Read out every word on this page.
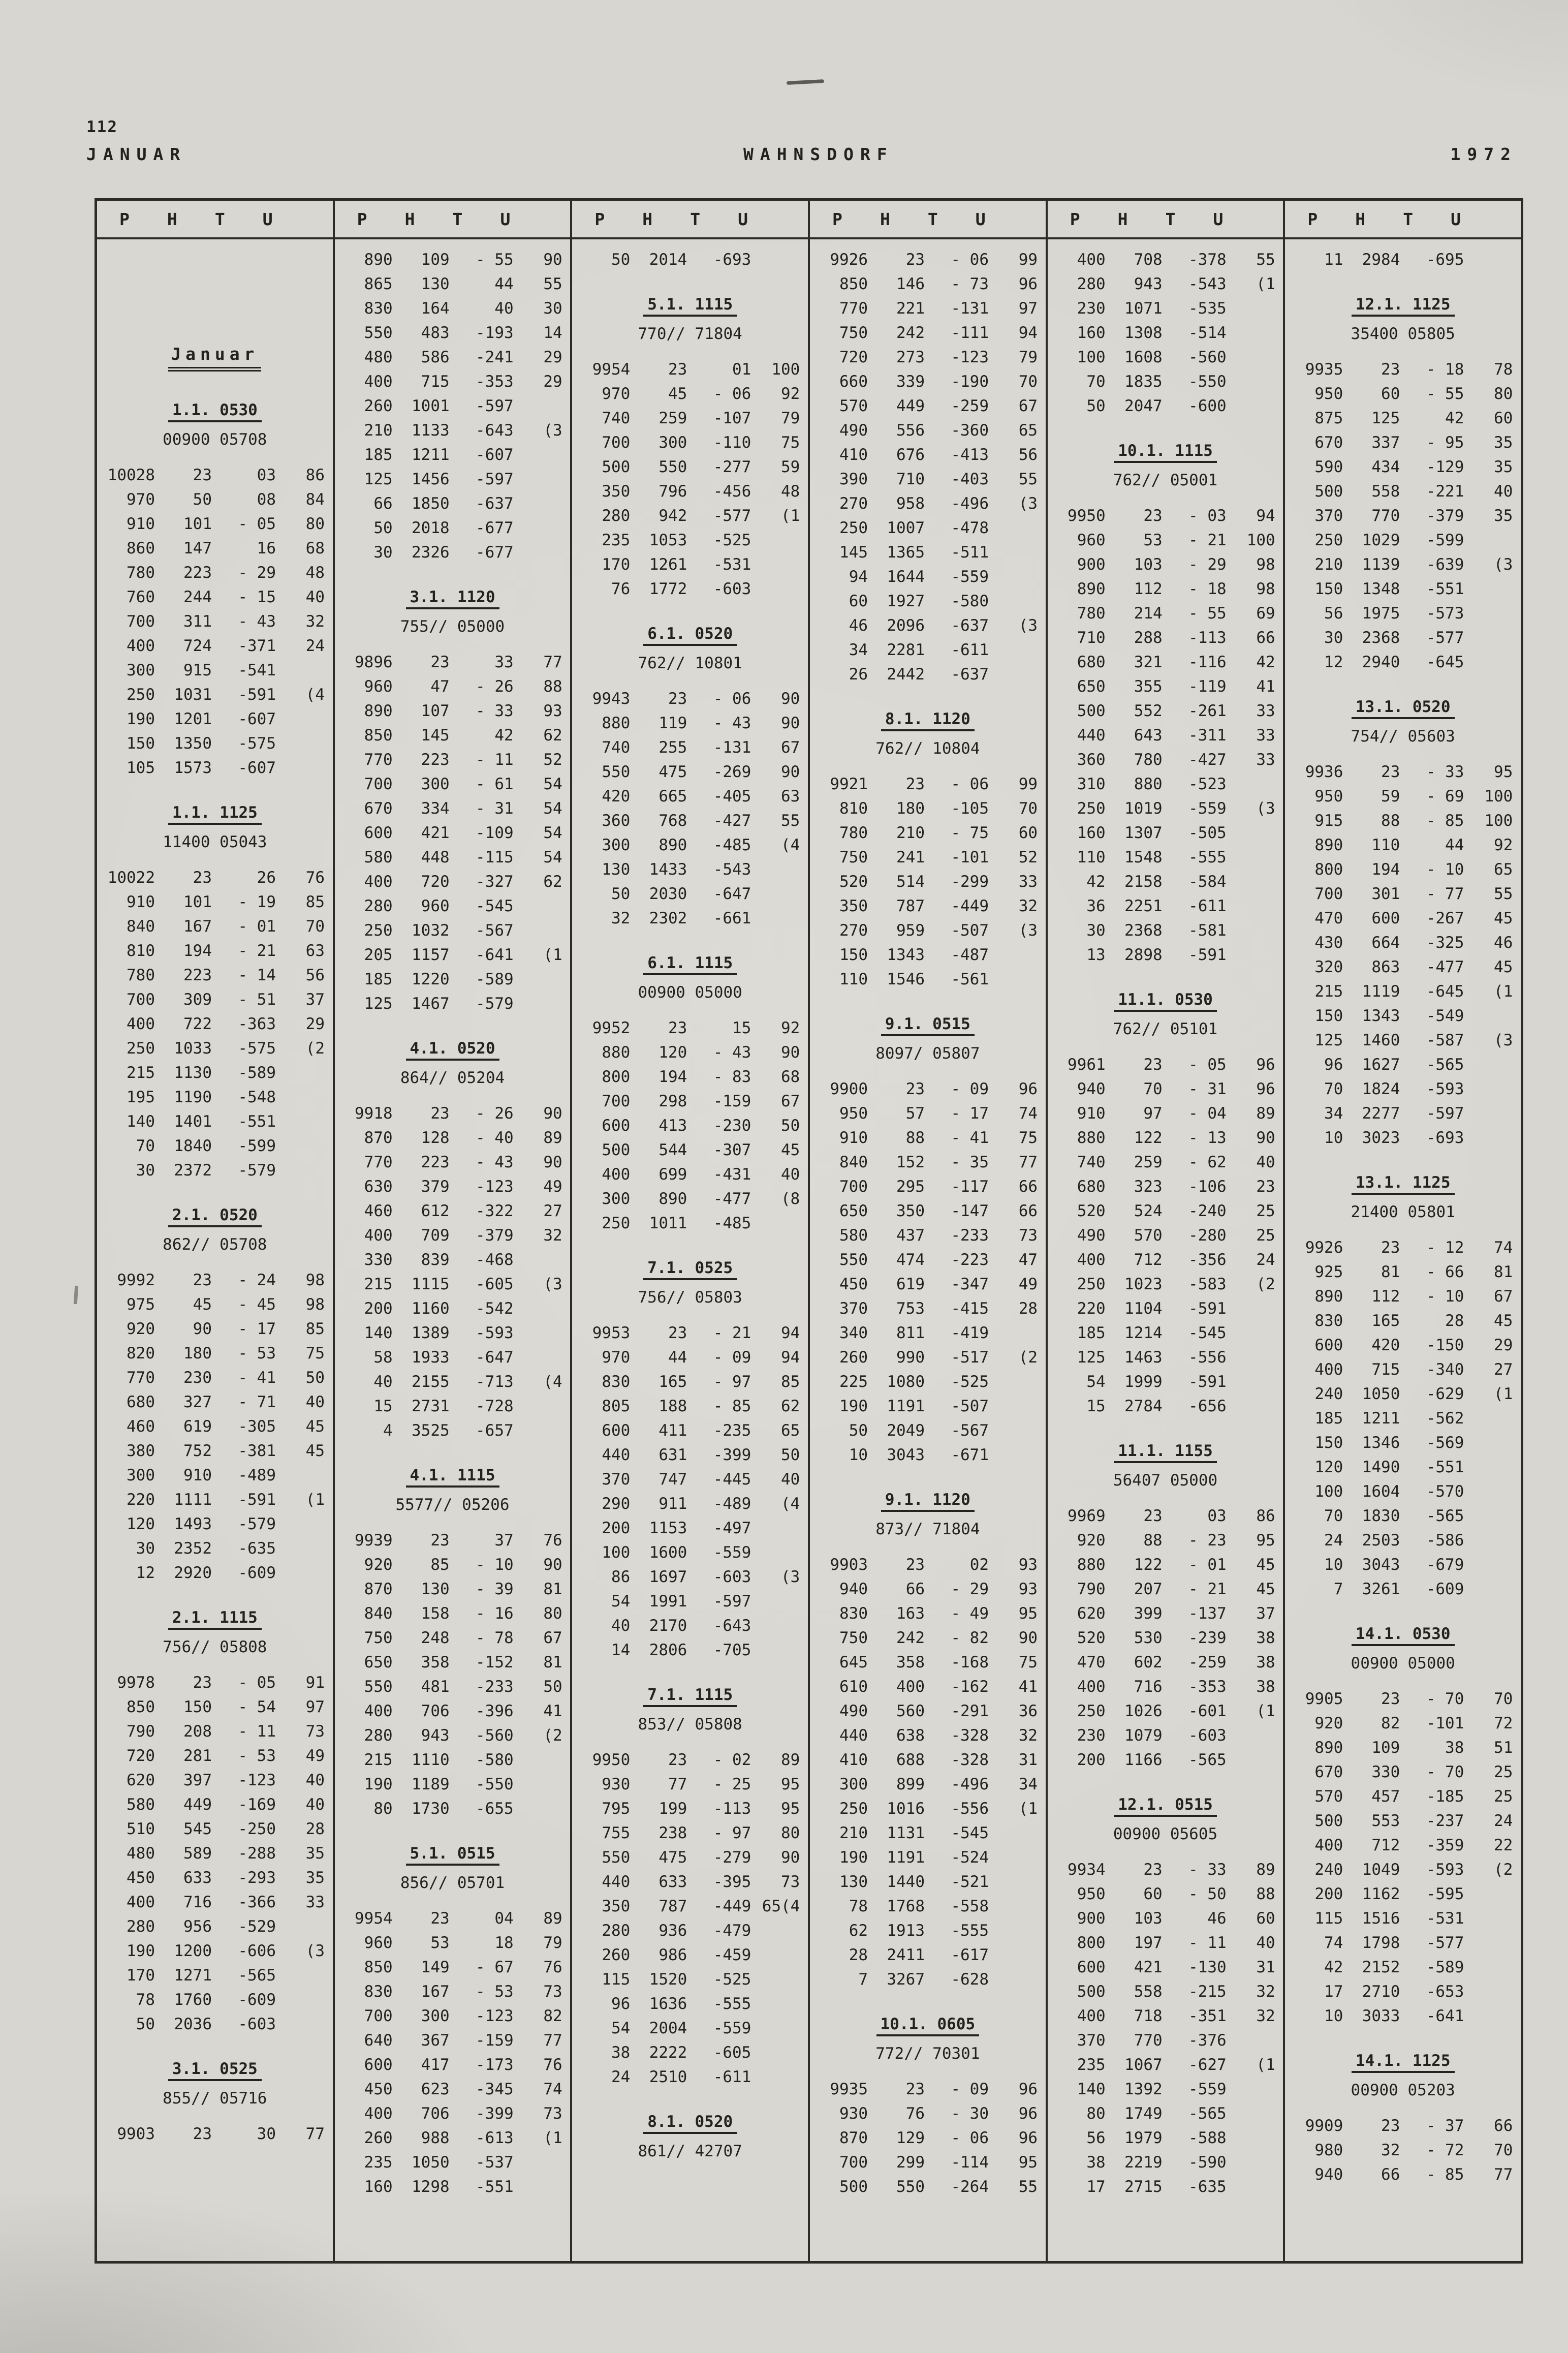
112
JANUAR	WAHNSDORF	1972
P H T U	P H T U	P H T U	P H T U	P H T U	P H T U
Januar
1.1. 0530
00900 05708
10028	23	03	86
970	50	08	84
910	101	- 05	80
860	147	16	68
780	223	- 29	48
760	244	- 15	40
700	311	- 43	32
400	724	-371	24
300	915	-541
250	1031	-591	(4
190	1201	-607
150	1350	-575
105	1573	-607
1.1. 1125
11400 05043
10022	23	26	76
910	101	- 19	85
840	167	- 01	70
810	194	- 21	63
780	223	- 14	56
700	309	- 51	37
400	722	-363	29
250	1033	-575	(2
215	1130	-589
195	1190	-548
140	1401	-551
70	1840	-599
30	2372	-579
2.1. 0520
862// 05708
9992	23	- 24	98
975	45	- 45	98
920	90	- 17	85
820	180	- 53	75
770	230	- 41	50
680	327	- 71	40
460	619	-305	45
380	752	-381	45
300	910	-489
220	1111	-591	(1
120	1493	-579
30	2352	-635
12	2920	-609
2.1. 1115
756// 05808
9978	23	- 05	91
850	150	- 54	97
790	208	- 11	73
720	281	- 53	49
620	397	-123	40
580	449	-169	40
510	545	-250	28
480	589	-288	35
450	633	-293	35
400	716	-366	33
280	956	-529
190	1200	-606	(3
170	1271	-565
78	1760	-609
50	2036	-603
3.1. 0525
855// 05716
9903	23	30	77
890	109	- 55	90
865	130	44	55
830	164	40	30
550	483	-193	14
480	586	-241	29
400	715	-353	29
260	1001	-597
210	1133	-643	(3
185	1211	-607
125	1456	-597
66	1850	-637
50	2018	-677
30	2326	-677
3.1. 1120
755// 05000
9896	23	33	77
960	47	- 26	88
890	107	- 33	93
850	145	42	62
770	223	- 11	52
700	300	- 61	54
670	334	- 31	54
600	421	-109	54
580	448	-115	54
400	720	-327	62
280	960	-545
250	1032	-567
205	1157	-641	(1
185	1220	-589
125	1467	-579
4.1. 0520
864// 05204
9918	23	- 26	90
870	128	- 40	89
770	223	- 43	90
630	379	-123	49
460	612	-322	27
400	709	-379	32
330	839	-468
215	1115	-605	(3
200	1160	-542
140	1389	-593
58	1933	-647
40	2155	-713	(4
15	2731	-728
4	3525	-657
4.1. 1115
5577// 05206
9939	23	37	76
920	85	- 10	90
870	130	- 39	81
840	158	- 16	80
750	248	- 78	67
650	358	-152	81
550	481	-233	50
400	706	-396	41
280	943	-560	(2
215	1110	-580
190	1189	-550
80	1730	-655
5.1. 0515
856// 05701
9954	23	04	89
960	53	18	79
850	149	- 67	76
830	167	- 53	73
700	300	-123	82
640	367	-159	77
600	417	-173	76
450	623	-345	74
400	706	-399	73
260	988	-613	(1
235	1050	-537
160	1298	-551
50	2014	-693
5.1. 1115
770// 71804
9954	23	01	100
970	45	- 06	92
740	259	-107	79
700	300	-110	75
500	550	-277	59
350	796	-456	48
280	942	-577	(1
235	1053	-525
170	1261	-531
76	1772	-603
6.1. 0520
762// 10801
9943	23	- 06	90
880	119	- 43	90
740	255	-131	67
550	475	-269	90
420	665	-405	63
360	768	-427	55
300	890	-485	(4
130	1433	-543
50	2030	-647
32	2302	-661
6.1. 1115
00900 05000
9952	23	15	92
880	120	- 43	90
800	194	- 83	68
700	298	-159	67
600	413	-230	50
500	544	-307	45
400	699	-431	40
300	890	-477	(8
250	1011	-485
7.1. 0525
756// 05803
9953	23	- 21	94
970	44	- 09	94
830	165	- 97	85
805	188	- 85	62
600	411	-235	65
440	631	-399	50
370	747	-445	40
290	911	-489	(4
200	1153	-497
100	1600	-559
86	1697	-603	(3
54	1991	-597
40	2170	-643
14	2806	-705
7.1. 1115
853// 05808
9950	23	- 02	89
930	77	- 25	95
795	199	-113	95
755	238	- 97	80
550	475	-279	90
440	633	-395	73
350	787	-449 65(4
280	936	-479
260	986	-459
115	1520	-525
96	1636	-555
54	2004	-559
38	2222	-605
24	2510	-611
8.1. 0520
861// 42707
9926	23	- 06	99
850	146	- 73	96
770	221	-131	97
750	242	-111	94
720	273	-123	79
660	339	-190	70
570	449	-259	67
490	556	-360	65
410	676	-413	56
390	710	-403	55
270	958	-496	(3
250	1007	-478
145	1365	-511
94	1644	-559
60	1927	-580
46	2096	-637	(3
34	2281	-611
26	2442	-637
8.1. 1120
762// 10804
9921	23	- 06	99
810	180	-105	70
780	210	- 75	60
750	241	-101	52
520	514	-299	33
350	787	-449	32
270	959	-507	(3
150	1343	-487
110	1546	-561
9.1. 0515
8097/ 05807
9900	23	- 09	96
950	57	- 17	74
910	88	- 41	75
840	152	- 35	77
700	295	-117	66
650	350	-147	66
580	437	-233	73
550	474	-223	47
450	619	-347	49
370	753	-415	28
340	811	-419
260	990	-517	(2
225	1080	-525
190	1191	-507
50	2049	-567
10	3043	-671
9.1. 1120
873// 71804
9903	23	02	93
940	66	- 29	93
830	163	- 49	95
750	242	- 82	90
645	358	-168	75
610	400	-162	41
490	560	-291	36
440	638	-328	32
410	688	-328	31
300	899	-496	34
250	1016	-556	(1
210	1131	-545
190	1191	-524
130	1440	-521
78	1768	-558
62	1913	-555
28	2411	-617
7	3267	-628
10.1. 0605
772// 70301
9935	23	- 09	96
930	76	- 30	96
870	129	- 06	96
700	299	-114	95
500	550	-264	55
400	708	-378	55
280	943	-543	(1
230	1071	-535
160	1308	-514
100	1608	-560
70	1835	-550
50	2047	-600
10.1. 1115
762// 05001
9950	23	- 03	94
960	53	- 21	100
900	103	- 29	98
890	112	- 18	98
780	214	- 55	69
710	288	-113	66
680	321	-116	42
650	355	-119	41
500	552	-261	33
440	643	-311	33
360	780	-427	33
310	880	-523
250	1019	-559	(3
160	1307	-505
110	1548	-555
42	2158	-584
36	2251	-611
30	2368	-581
13	2898	-591
11.1. 0530
762// 05101
9961	23	- 05	96
940	70	- 31	96
910	97	- 04	89
880	122	- 13	90
740	259	- 62	40
680	323	-106	23
520	524	-240	25
490	570	-280	25
400	712	-356	24
250	1023	-583	(2
220	1104	-591
185	1214	-545
125	1463	-556
54	1999	-591
15	2784	-656
11.1. 1155
56407 05000
9969	23	03	86
920	88	- 23	95
880	122	- 01	45
790	207	- 21	45
620	399	-137	37
520	530	-239	38
470	602	-259	38
400	716	-353	38
250	1026	-601	(1
230	1079	-603
200	1166	-565
12.1. 0515
00900 05605
9934	23	- 33	89
950	60	- 50	88
900	103	46	60
800	197	- 11	40
600	421	-130	31
500	558	-215	32
400	718	-351	32
370	770	-376
235	1067	-627	(1
140	1392	-559
80	1749	-565
56	1979	-588
38	2219	-590
17	2715	-635
11	2984	-695
12.1. 1125
35400 05805
9935	23	- 18	78
950	60	- 55	80
875	125	42	60
670	337	- 95	35
590	434	-129	35
500	558	-221	40
370	770	-379	35
250	1029	-599
210	1139	-639	(3
150	1348	-551
56	1975	-573
30	2368	-577
12	2940	-645
13.1. 0520
754// 05603
9936	23	- 33	95
950	59	- 69	100
915	88	- 85	100
890	110	44	92
800	194	- 10	65
700	301	- 77	55
470	600	-267	45
430	664	-325	46
320	863	-477	45
215	1119	-645	(1
150	1343	-549
125	1460	-587	(3
96	1627	-565
70	1824	-593
34	2277	-597
10	3023	-693
13.1. 1125
21400 05801
9926	23	- 12	74
925	81	- 66	81
890	112	- 10	67
830	165	28	45
600	420	-150	29
400	715	-340	27
240	1050	-629	(1
185	1211	-562
150	1346	-569
120	1490	-551
100	1604	-570
70	1830	-565
24	2503	-586
10	3043	-679
7	3261	-609
14.1. 0530
00900 05000
9905	23	- 70	70
920	82	-101	72
890	109	38	51
670	330	- 70	25
570	457	-185	25
500	553	-237	24
400	712	-359	22
240	1049	-593	(2
200	1162	-595
115	1516	-531
74	1798	-577
42	2152	-589
17	2710	-653
10	3033	-641
14.1. 1125
00900 05203
9909	23	- 37	66
980	32	- 72	70
940	66	- 85	77
